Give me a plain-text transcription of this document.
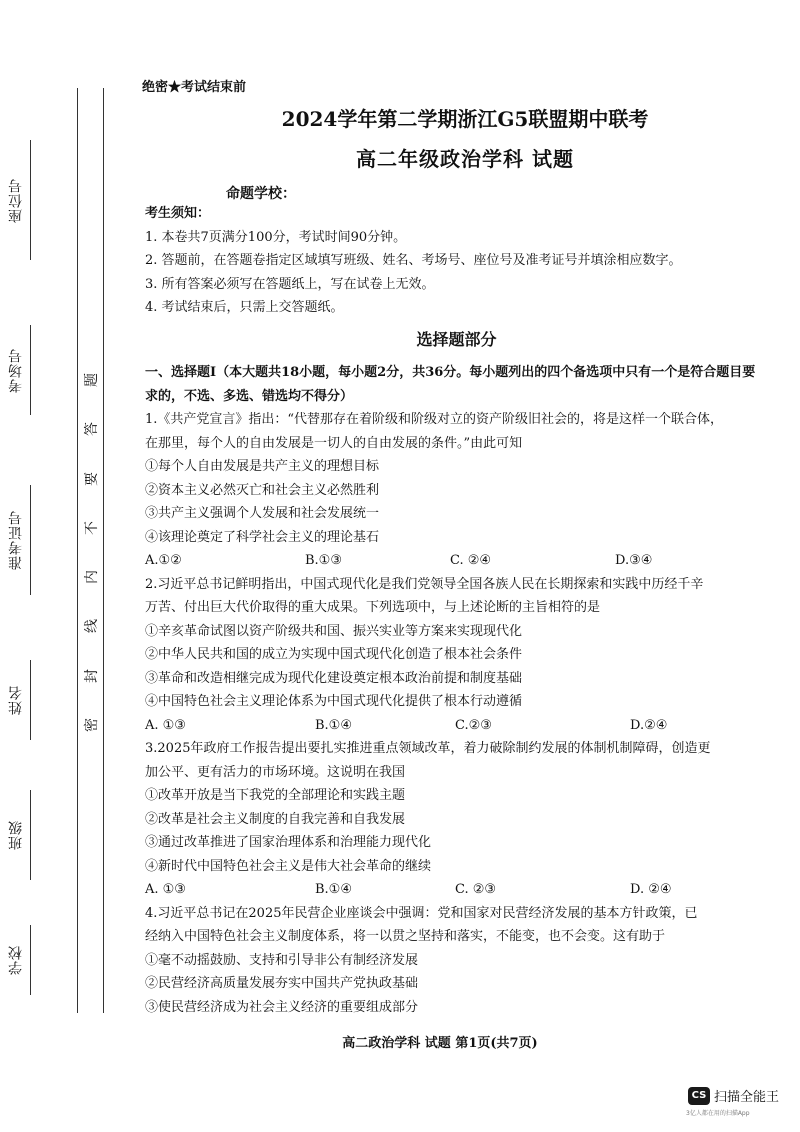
座位号
考场号
准考证号
姓名
班级
学校
题
答
要
不
内
线
封
密
绝密★考试结束前
2024学年第二学期浙江G5联盟期中联考
高二年级政治学科 试题
命题学校：
考生须知：
1. 本卷共7页满分100分，考试时间90分钟。
2. 答题前，在答题卷指定区域填写班级、姓名、考场号、座位号及准考证号并填涂相应数字。
3. 所有答案必须写在答题纸上，写在试卷上无效。
4. 考试结束后，只需上交答题纸。
选择题部分
一、选择题Ⅰ（本大题共18小题，每小题2分，共36分。每小题列出的四个备选项中只有一个是符合题目要求的，不选、多选、错选均不得分）
1.《共产党宣言》指出：“代替那存在着阶级和阶级对立的资产阶级旧社会的，将是这样一个联合体，
在那里，每个人的自由发展是一切人的自由发展的条件。”由此可知
①每个人自由发展是共产主义的理想目标
②资本主义必然灭亡和社会主义必然胜利
③共产主义强调个人发展和社会发展统一
④该理论奠定了科学社会主义的理论基石
A.①②	B.①③	C. ②④	D.③④
2.习近平总书记鲜明指出，中国式现代化是我们党领导全国各族人民在长期探索和实践中历经千辛
万苦、付出巨大代价取得的重大成果。下列选项中，与上述论断的主旨相符的是
①辛亥革命试图以资产阶级共和国、振兴实业等方案来实现现代化
②中华人民共和国的成立为实现中国式现代化创造了根本社会条件
③革命和改造相继完成为现代化建设奠定根本政治前提和制度基础
④中国特色社会主义理论体系为中国式现代化提供了根本行动遵循
A. ①③	B.①④	C.②③	D.②④
3.2025年政府工作报告提出要扎实推进重点领域改革，着力破除制约发展的体制机制障碍，创造更
加公平、更有活力的市场环境。这说明在我国
①改革开放是当下我党的全部理论和实践主题
②改革是社会主义制度的自我完善和自我发展
③通过改革推进了国家治理体系和治理能力现代化
④新时代中国特色社会主义是伟大社会革命的继续
A. ①③	B.①④	C. ②③	D. ②④
4.习近平总书记在2025年民营企业座谈会中强调：党和国家对民营经济发展的基本方针政策，已
经纳入中国特色社会主义制度体系，将一以贯之坚持和落实，不能变，也不会变。这有助于
①毫不动摇鼓励、支持和引导非公有制经济发展
②民营经济高质量发展夯实中国共产党执政基础
③使民营经济成为社会主义经济的重要组成部分
高二政治学科 试题 第1页(共7页)
CS 扫描全能王
3亿人都在用的扫描App
